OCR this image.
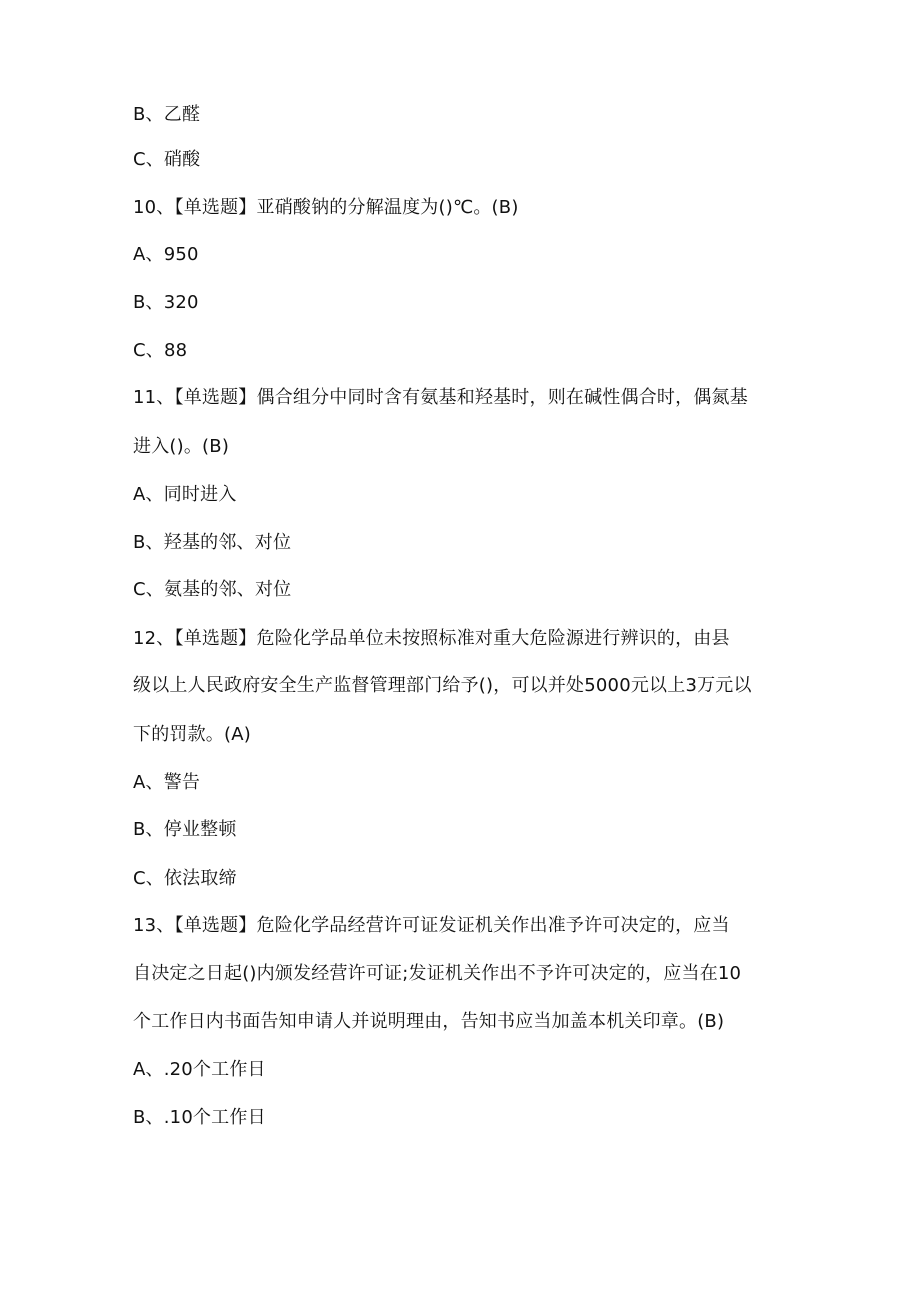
B、乙醛
C、硝酸
10、【单选题】亚硝酸钠的分解温度为()℃。(B)
A、950
B、320
C、88
11、【单选题】偶合组分中同时含有氨基和羟基时，则在碱性偶合时，偶氮基
进入()。(B)
A、同时进入
B、羟基的邻、对位
C、氨基的邻、对位
12、【单选题】危险化学品单位未按照标准对重大危险源进行辨识的，由县
级以上人民政府安全生产监督管理部门给予()，可以并处5000元以上3万元以
下的罚款。(A)
A、警告
B、停业整顿
C、依法取缔
13、【单选题】危险化学品经营许可证发证机关作出准予许可决定的，应当
自决定之日起()内颁发经营许可证;发证机关作出不予许可决定的，应当在10
个工作日内书面告知申请人并说明理由，告知书应当加盖本机关印章。(B)
A、.20个工作日
B、.10个工作日
